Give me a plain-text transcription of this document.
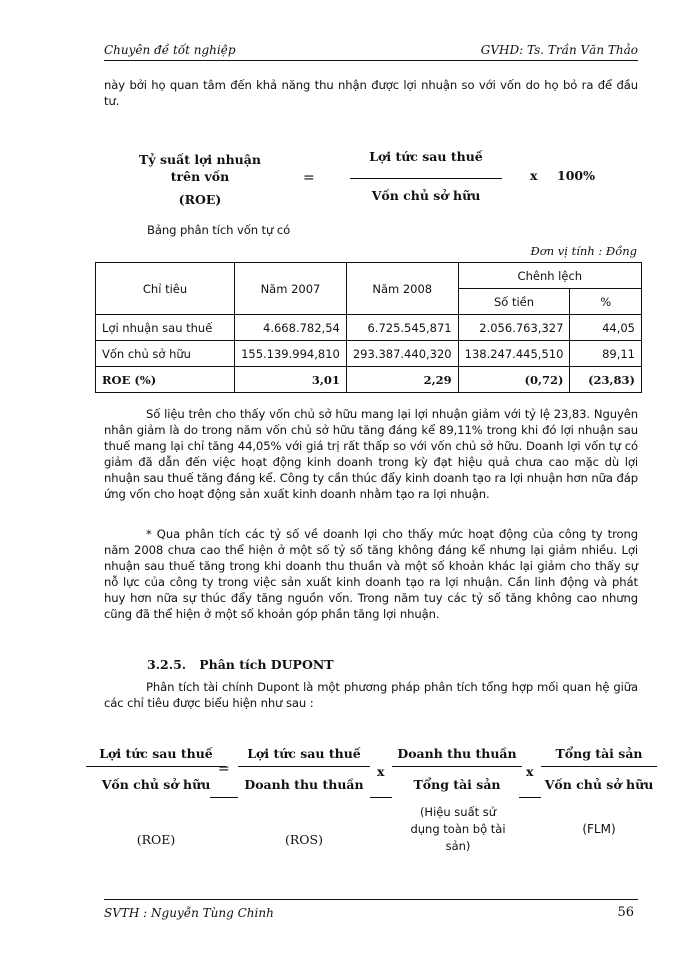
Chuyên đề tốt nghiệp	GVHD: Ts. Trần Văn Thảo
này bởi họ quan tâm đến khả năng thu nhận được lợi nhuận so với vốn do họ bỏ ra để đầu tư.
Tỷ suất lợi nhuận
trên vốn
(ROE)
=
Lợi tức sau thuế
Vốn chủ sở hữu
x 100%
Bảng phân tích vốn tự có
Đơn vị tính : Đồng
Chỉ tiêu	Năm 2007	Năm 2008	Chênh lệch	
			Số tiền	%
Lợi nhuận sau thuế	4.668.782,54	6.725.545,871	2.056.763,327	44,05
Vốn chủ sở hữu	155.139.994,810	293.387.440,320	138.247.445,510	89,11
ROE (%)	3,01	2,29	(0,72)	(23,83)
Số liệu trên cho thấy vốn chủ sở hữu mang lại lợi nhuận giảm với tỷ lệ 23,83. Nguyên nhân giảm là do trong năm vốn chủ sở hữu tăng đáng kể 89,11% trong khi đó lợi nhuận sau thuế mang lại chỉ tăng 44,05% với giá trị rất thấp so với vốn chủ sở hữu. Doanh lợi vốn tự có giảm đã dẫn đến việc hoạt động kinh doanh trong kỳ đạt hiệu quả chưa cao mặc dù lợi nhuận sau thuế tăng đáng kể. Công ty cần thúc đẩy kinh doanh tạo ra lợi nhuận hơn nữa đáp ứng vốn cho hoạt động sản xuất kinh doanh nhằm tạo ra lợi nhuận.
* Qua phân tích các tỷ số về doanh lợi cho thấy mức hoạt động của công ty trong năm 2008 chưa cao thể hiện ở một số tỷ số tăng không đáng kể nhưng lại giảm nhiều. Lợi nhuận sau thuế tăng trong khi doanh thu thuần và một số khoản khác lại giảm cho thấy sự nỗ lực của công ty trong việc sản xuất kinh doanh tạo ra lợi nhuận. Cần linh động và phát huy hơn nữa sự thúc đẩy tăng nguồn vốn. Trong năm tuy các tỷ số tăng không cao nhưng cũng đã thể hiện ở một số khoản góp phần tăng lợi nhuận.
3.2.5.   Phân tích DUPONT
Phân tích tài chính Dupont là một phương pháp phân tích tổng hợp mối quan hệ giữa các chỉ tiêu được biểu hiện như sau :
Lợi tức sau thuế
Vốn chủ sở hữu
(ROE)
=
Lợi tức sau thuế
Doanh thu thuần
(ROS)
x
Doanh thu thuần
Tổng tài sản
(Hiệu suất sử dụng toàn bộ tài sản)
x
Tổng tài sản
Vốn chủ sở hữu
(FLM)
SVTH : Nguyễn Tùng Chinh	56
